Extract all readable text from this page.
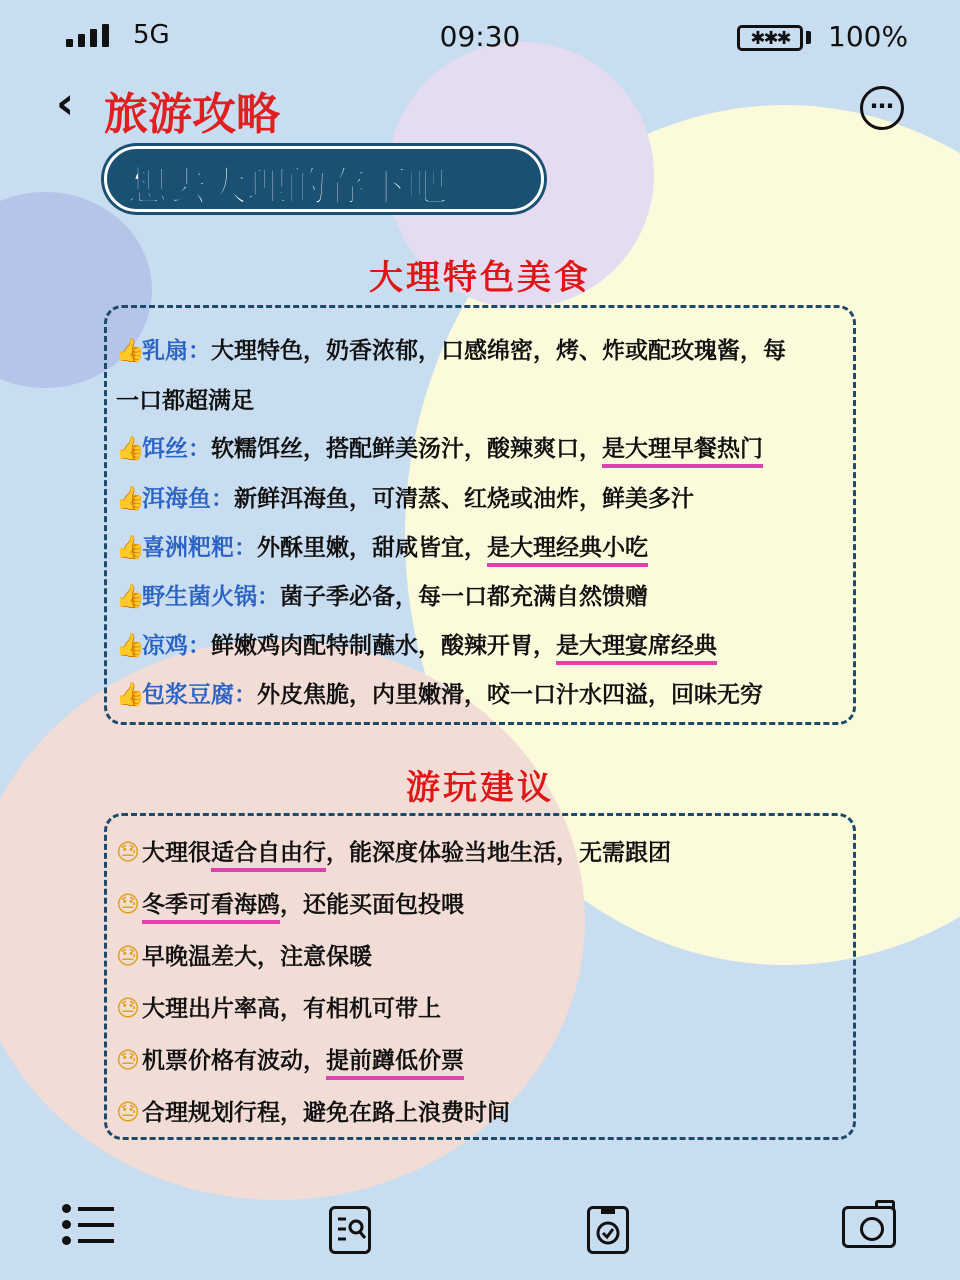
5G	09:30	✱✱✱ 100%
‹ 旅游攻略	⋯
想去大理的存下吧
大理特色美食
👍乳扇：大理特色，奶香浓郁，口感绵密，烤、炸或配玫瑰酱，每
一口都超满足
👍饵丝：软糯饵丝，搭配鲜美汤汁，酸辣爽口，是大理早餐热门
👍洱海鱼：新鲜洱海鱼，可清蒸、红烧或油炸，鲜美多汁
👍喜洲粑粑：外酥里嫩，甜咸皆宜，是大理经典小吃
👍野生菌火锅：菌子季必备，每一口都充满自然馈赠
👍凉鸡：鲜嫩鸡肉配特制蘸水，酸辣开胃，是大理宴席经典
👍包浆豆腐：外皮焦脆，内里嫩滑，咬一口汁水四溢，回味无穷
游玩建议
😓大理很适合自由行，能深度体验当地生活，无需跟团
😓冬季可看海鸥，还能买面包投喂
😓早晚温差大，注意保暖
😓大理出片率高，有相机可带上
😓机票价格有波动，提前蹲低价票
😓合理规划行程，避免在路上浪费时间
